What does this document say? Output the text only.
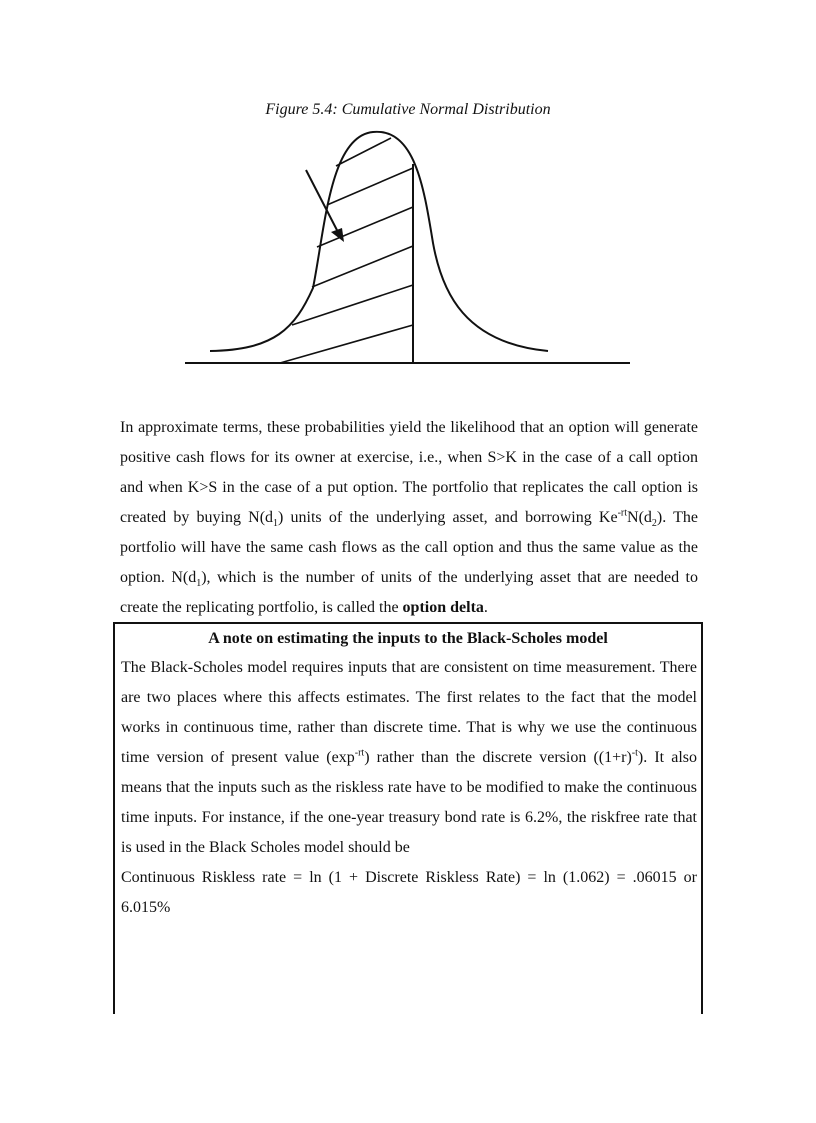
Figure 5.4: Cumulative Normal Distribution

In approximate terms, these probabilities yield the likelihood that an option will generate positive cash flows for its owner at exercise, i.e., when S>K in the case of a call option and when K>S in the case of a put option. The portfolio that replicates the call option is created by buying $N(d_1)$ units of the underlying asset, and borrowing $Ke^{-rt}N(d_2)$. The portfolio will have the same cash flows as the call option and thus the same value as the option. $N(d_1)$, which is the number of units of the underlying asset that are needed to create the replicating portfolio, is called the option delta.

A note on estimating the inputs to the Black-Scholes model
The Black-Scholes model requires inputs that are consistent on time measurement. There are two places where this affects estimates. The first relates to the fact that the model works in continuous time, rather than discrete time. That is why we use the continuous time version of present value $(\exp^{-rt})$ rather than the discrete version $((1+r)^{-t})$. It also means that the inputs such as the riskless rate have to be modified to make the continuous time inputs. For instance, if the one-year treasury bond rate is 6.2%, the riskfree rate that is used in the Black Scholes model should be
Continuous Riskless rate = ln (1 + Discrete Riskless Rate) = ln (1.062) = .06015 or 6.015%
